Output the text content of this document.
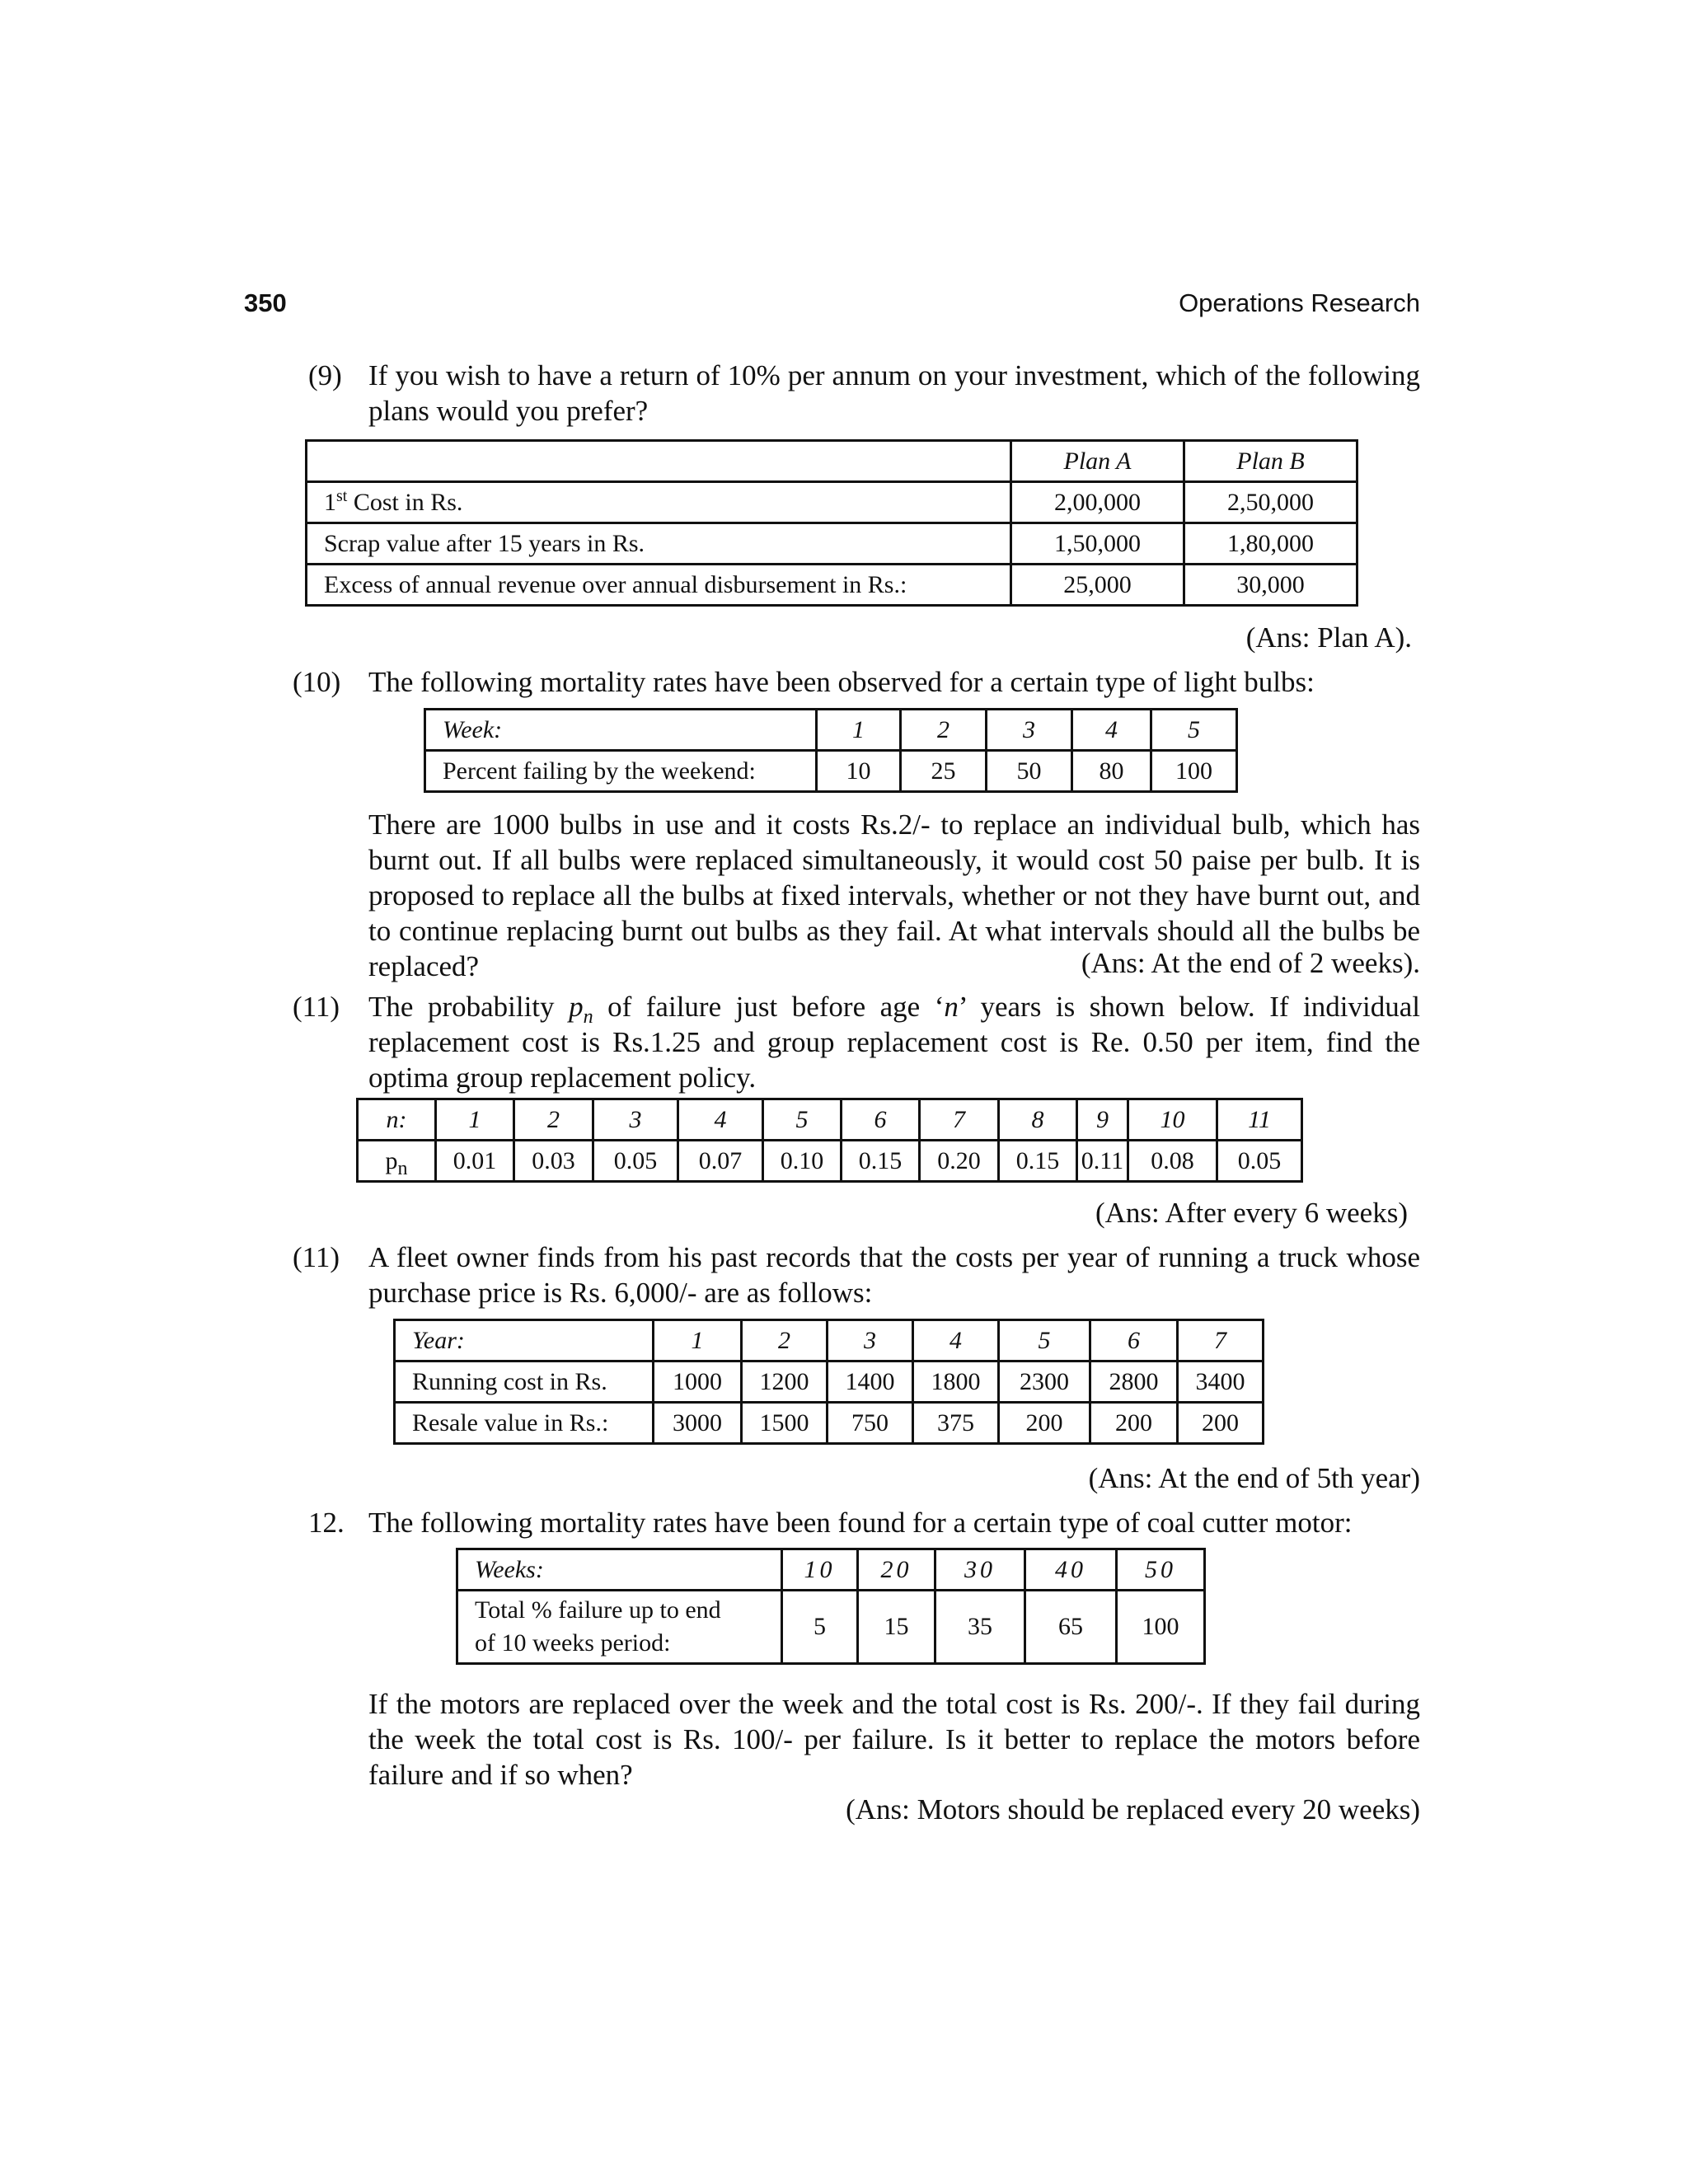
350	Operations Research
(9) If you wish to have a return of 10% per annum on your investment, which of the following plans would you prefer?
	Plan A	Plan B
1st Cost in Rs.	2,00,000	2,50,000
Scrap value after 15 years in Rs.	1,50,000	1,80,000
Excess of annual revenue over annual disbursement in Rs.:	25,000	30,000
(Ans: Plan A).
(10) The following mortality rates have been observed for a certain type of light bulbs:
Week:	1	2	3	4	5
Percent failing by the weekend:	10	25	50	80	100
There are 1000 bulbs in use and it costs Rs.2/- to replace an individual bulb, which has burnt out. If all bulbs were replaced simultaneously, it would cost 50 paise per bulb. It is proposed to replace all the bulbs at fixed intervals, whether or not they have burnt out, and to continue replacing burnt out bulbs as they fail. At what intervals should all the bulbs be replaced?	(Ans: At the end of 2 weeks).
(11) The probability $p_n$ of failure just before age ‘n’ years is shown below. If individual replacement cost is Rs.1.25 and group replacement cost is Re. 0.50 per item, find the optima group replacement policy.
n:	1	2	3	4	5	6	7	8	9	10	11
$p_n$	0.01	0.03	0.05	0.07	0.10	0.15	0.20	0.15	0.11	0.08	0.05
(Ans: After every 6 weeks)
(11) A fleet owner finds from his past records that the costs per year of running a truck whose purchase price is Rs. 6,000/- are as follows:
Year:	1	2	3	4	5	6	7
Running cost in Rs.	1000	1200	1400	1800	2300	2800	3400
Resale value in Rs.:	3000	1500	750	375	200	200	200
(Ans: At the end of 5th year)
12. The following mortality rates have been found for a certain type of coal cutter motor:
Weeks:	10	20	30	40	50
Total % failure up to end
of 10 weeks period:	5	15	35	65	100
If the motors are replaced over the week and the total cost is Rs. 200/-. If they fail during the week the total cost is Rs. 100/- per failure. Is it better to replace the motors before failure and if so when?
(Ans: Motors should be replaced every 20 weeks)
